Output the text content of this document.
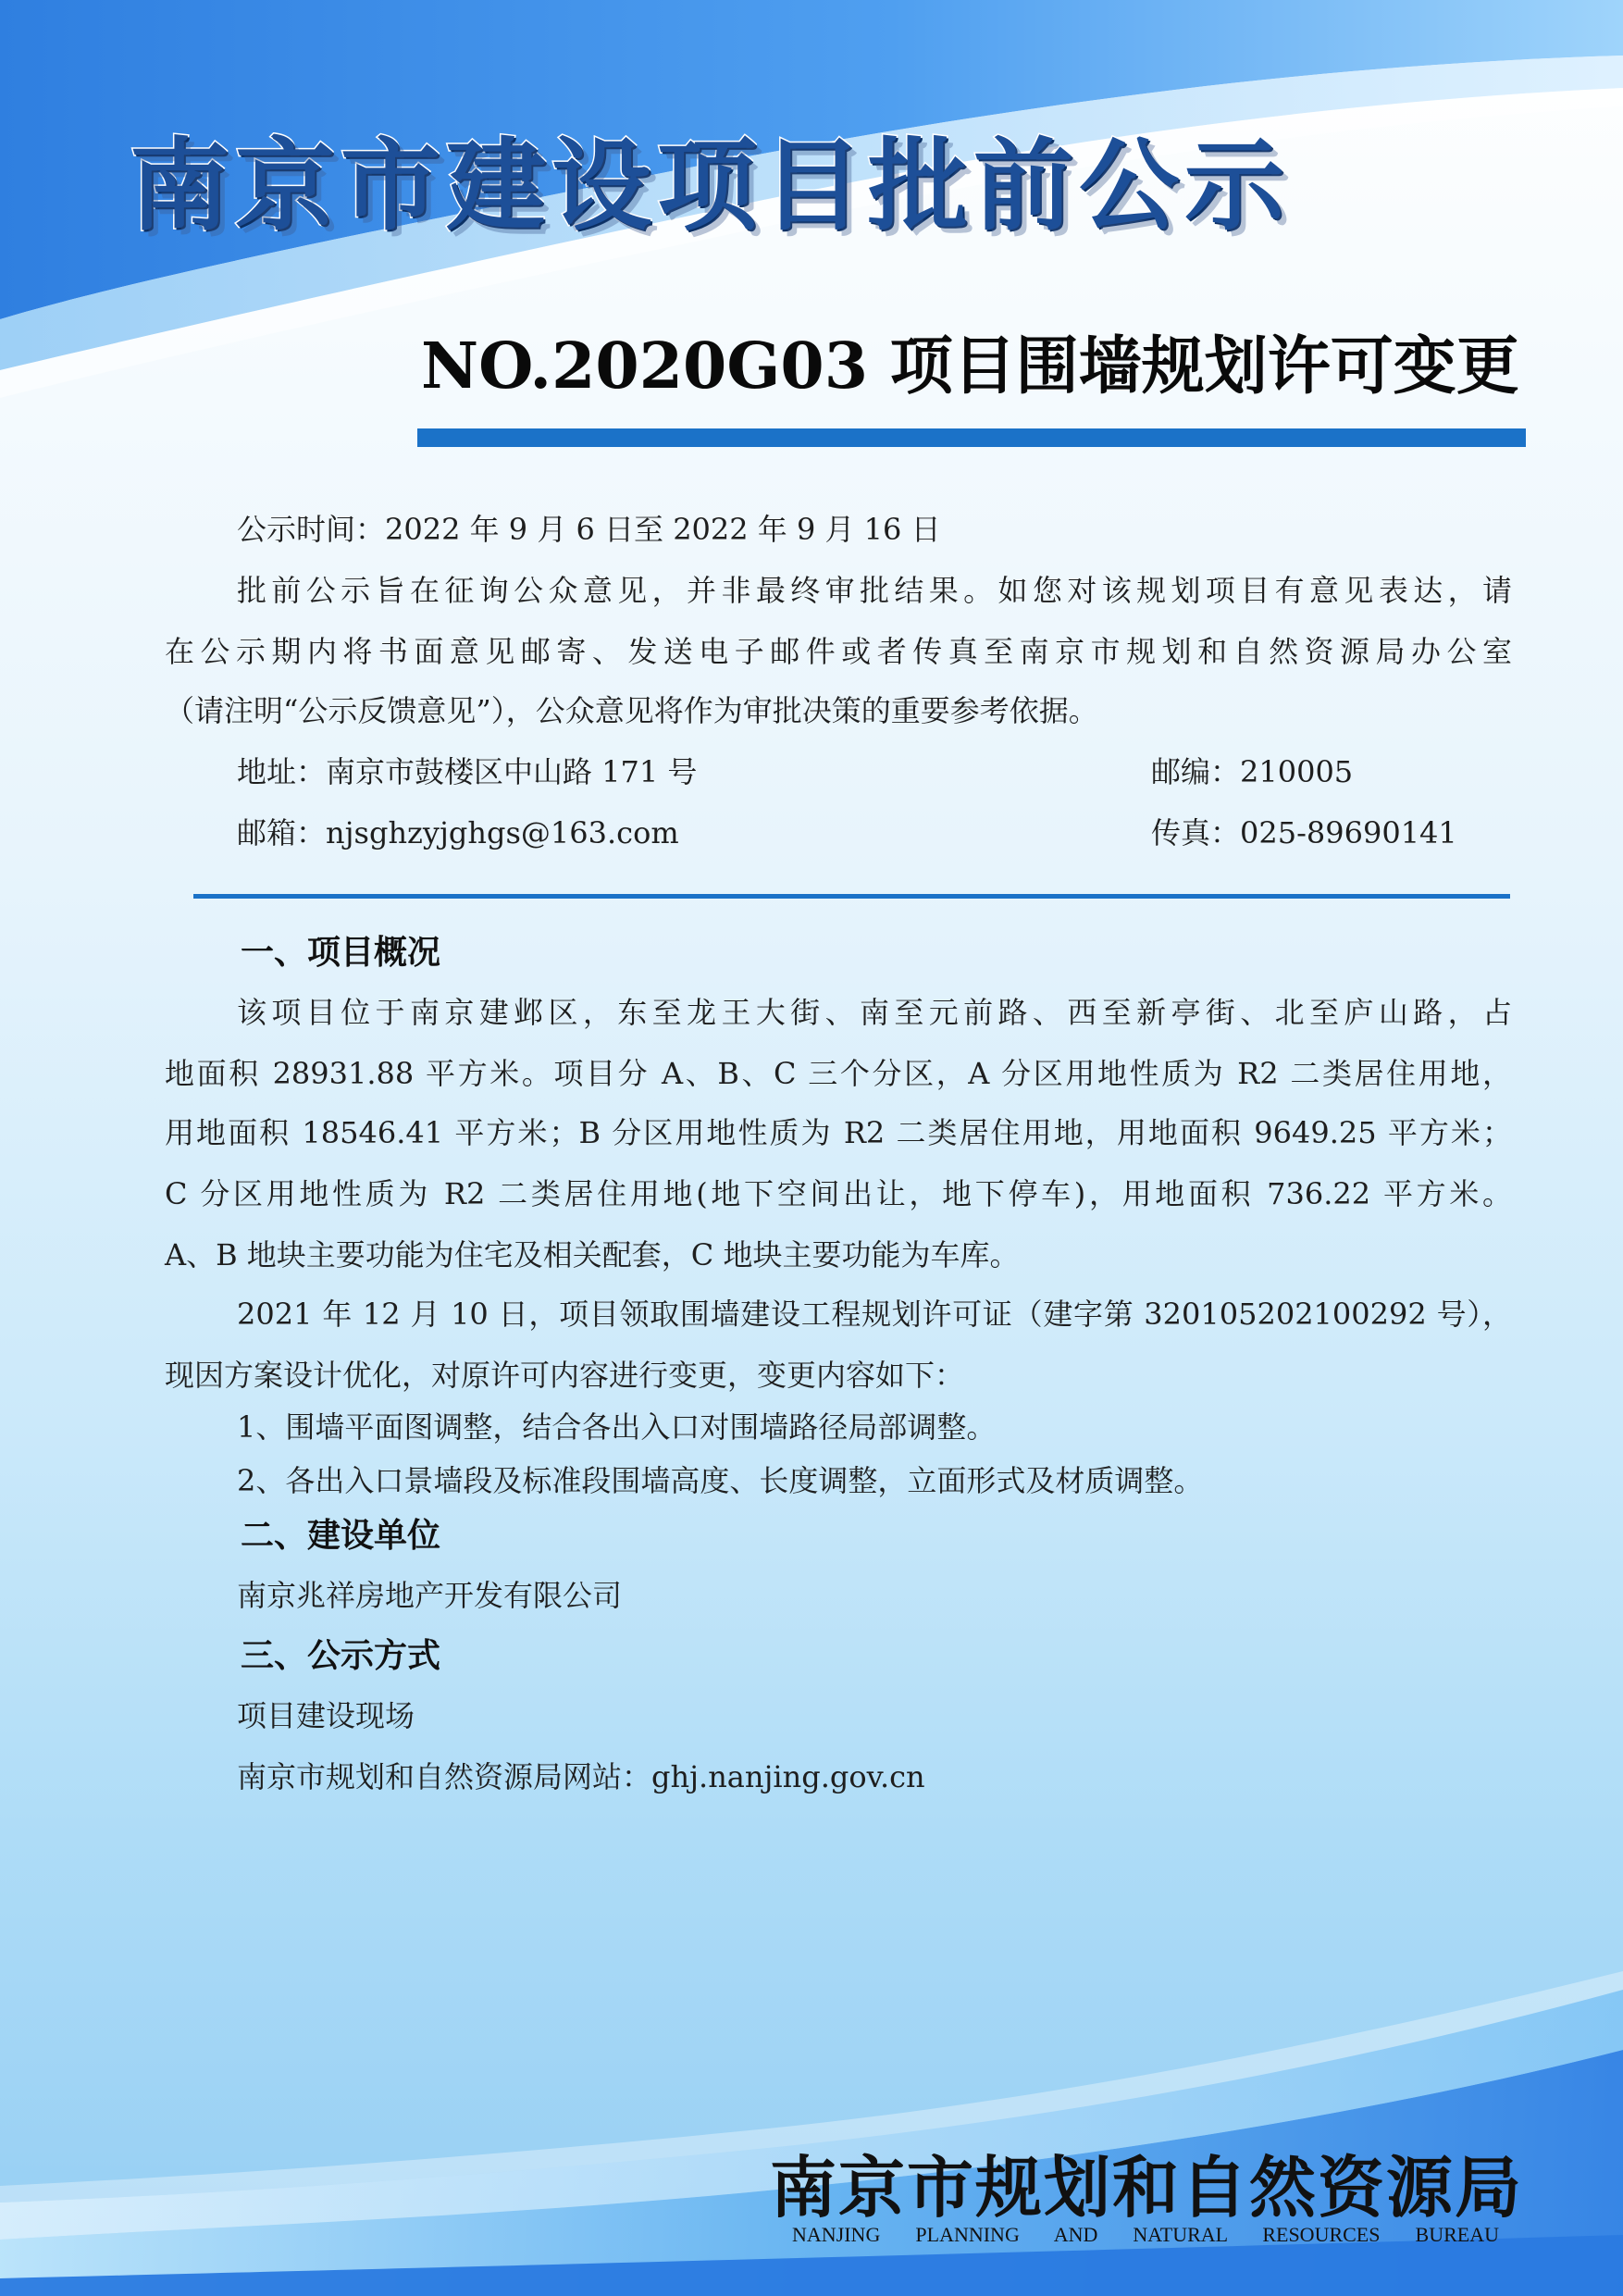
南京市建设项目批前公示
NO.2020G03 项目围墙规划许可变更
公示时间：2022 年 9 月 6 日至 2022 年 9 月 16 日
批前公示旨在征询公众意见，并非最终审批结果。如您对该规划项目有意见表达，请
在公示期内将书面意见邮寄、发送电子邮件或者传真至南京市规划和自然资源局办公室
（请注明“公示反馈意见”），公众意见将作为审批决策的重要参考依据。
地址：南京市鼓楼区中山路 171 号	邮编：210005
邮箱：njsghzyjghgs@163.com	传真：025-89690141
一、项目概况
该项目位于南京建邺区，东至龙王大街、南至元前路、西至新亭街、北至庐山路，占
地面积 28931.88 平方米。项目分 A、B、C 三个分区，A 分区用地性质为 R2 二类居住用地，
用地面积 18546.41 平方米；B 分区用地性质为 R2 二类居住用地，用地面积 9649.25 平方米；
C 分区用地性质为 R2 二类居住用地(地下空间出让，地下停车)，用地面积 736.22 平方米。
A、B 地块主要功能为住宅及相关配套，C 地块主要功能为车库。
2021 年 12 月 10 日，项目领取围墙建设工程规划许可证（建字第 320105202100292 号），
现因方案设计优化，对原许可内容进行变更，变更内容如下：
1、围墙平面图调整，结合各出入口对围墙路径局部调整。
2、各出入口景墙段及标准段围墙高度、长度调整，立面形式及材质调整。
二、建设单位
南京兆祥房地产开发有限公司
三、公示方式
项目建设现场
南京市规划和自然资源局网站：ghj.nanjing.gov.cn
南京市规划和自然资源局
NANJING PLANNING AND NATURAL RESOURCES BUREAU
